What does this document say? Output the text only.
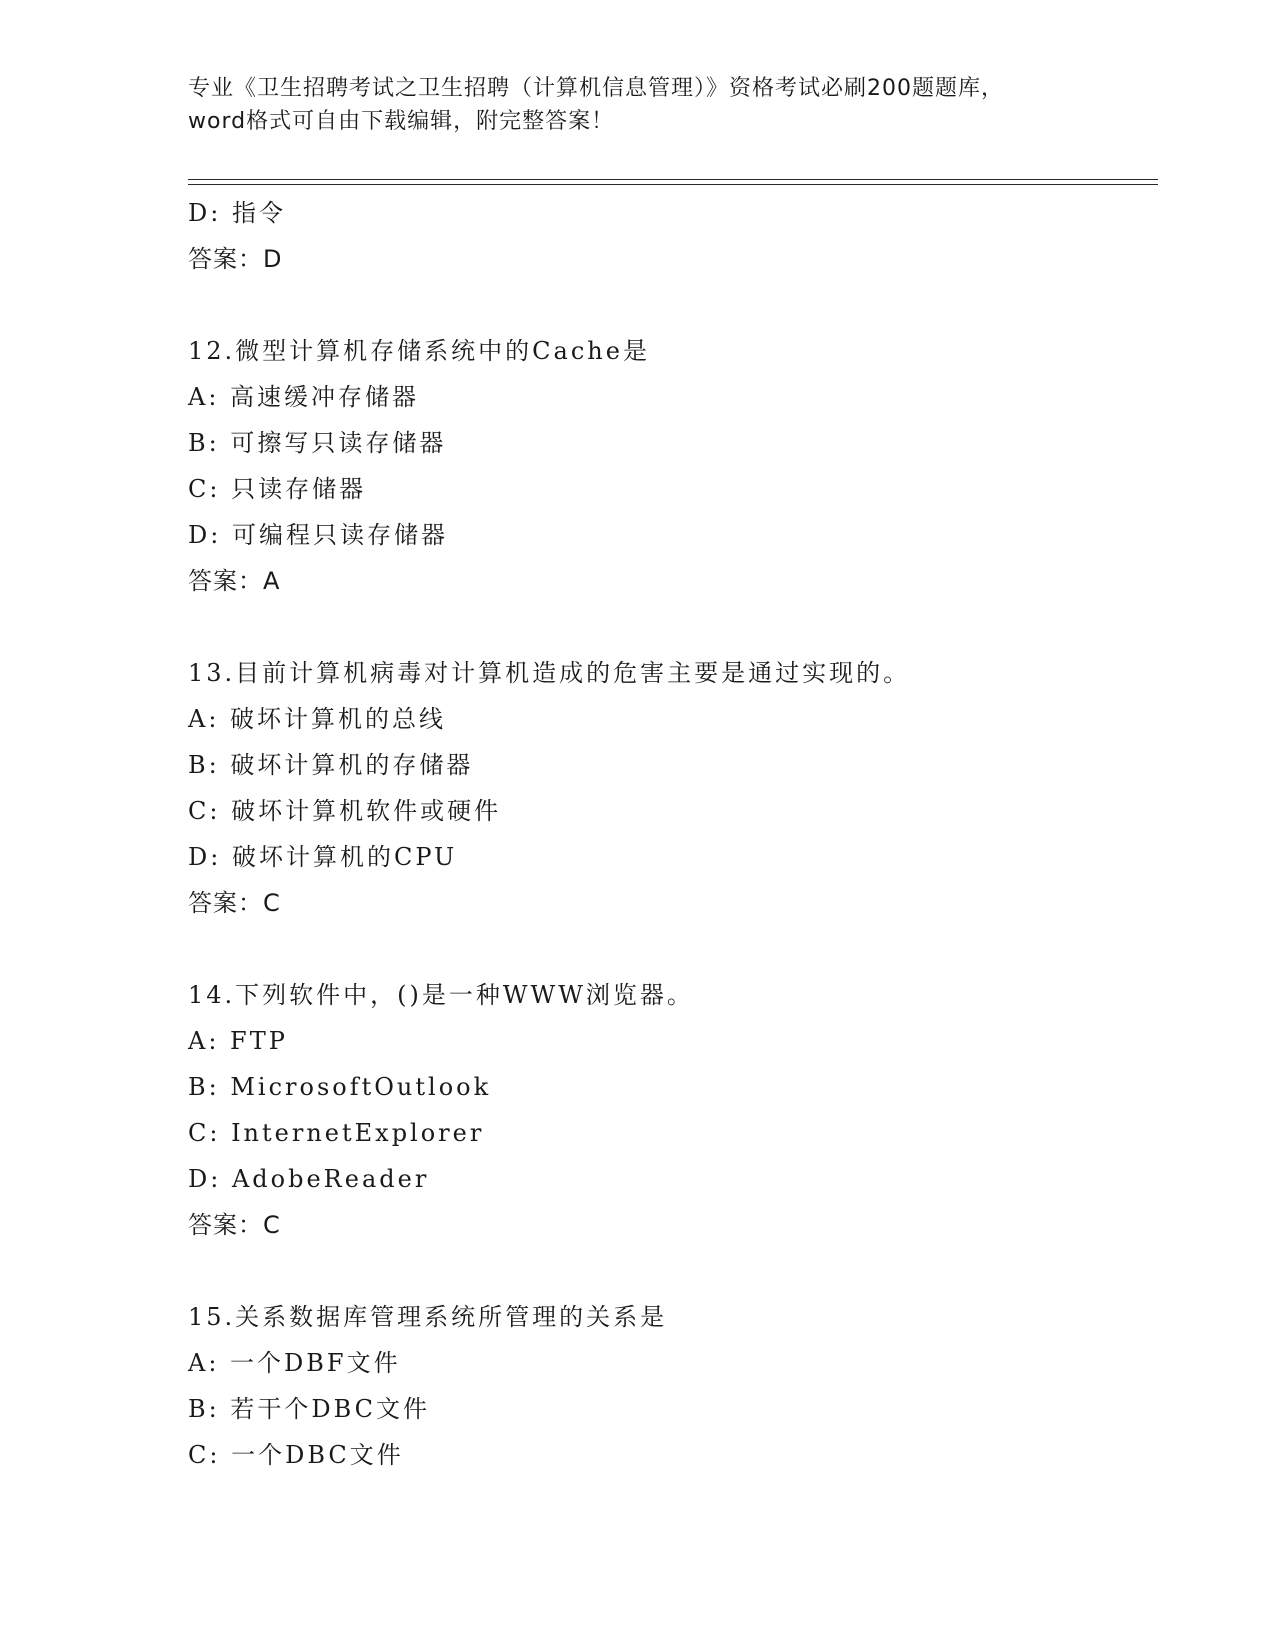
专业《卫生招聘考试之卫生招聘（计算机信息管理）》资格考试必刷200题题库，
word格式可自由下载编辑，附完整答案！
D: 指令
答案：D
12.微型计算机存储系统中的Cache是
A: 高速缓冲存储器
B: 可擦写只读存储器
C: 只读存储器
D: 可编程只读存储器
答案：A
13.目前计算机病毒对计算机造成的危害主要是通过实现的。
A: 破坏计算机的总线
B: 破坏计算机的存储器
C: 破坏计算机软件或硬件
D: 破坏计算机的CPU
答案：C
14.下列软件中，()是一种WWW浏览器。
A: FTP
B: MicrosoftOutlook
C: InternetExplorer
D: AdobeReader
答案：C
15.关系数据库管理系统所管理的关系是
A: 一个DBF文件
B: 若干个DBC文件
C: 一个DBC文件
